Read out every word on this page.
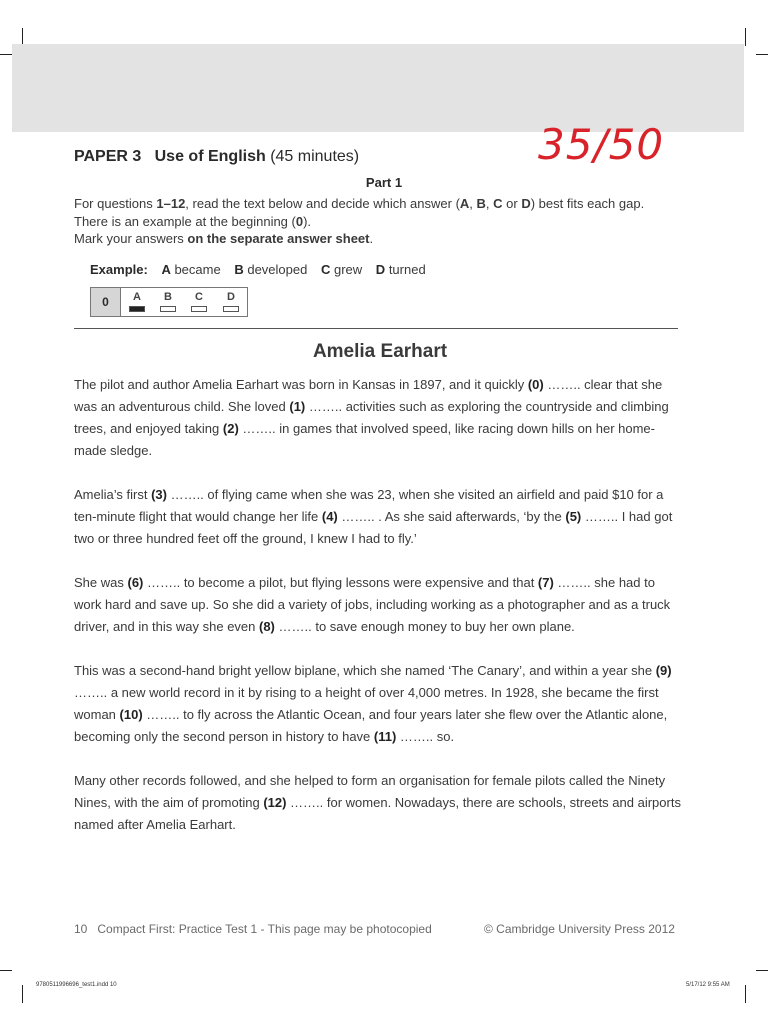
35/50
PAPER 3 Use of English (45 minutes)
Part 1
For questions 1–12, read the text below and decide which answer (A, B, C or D) best fits each gap. There is an example at the beginning (0).
Mark your answers on the separate answer sheet.
Example: A became B developed C grew D turned
0	A	B	C	D
Amelia Earhart
The pilot and author Amelia Earhart was born in Kansas in 1897, and it quickly (0) …….. clear that she was an adventurous child. She loved (1) …….. activities such as exploring the countryside and climbing trees, and enjoyed taking (2) …….. in games that involved speed, like racing down hills on her home-made sledge.
Amelia’s first (3) …….. of flying came when she was 23, when she visited an airfield and paid $10 for a ten-minute flight that would change her life (4) …….. . As she said afterwards, ‘by the (5) …….. I had got two or three hundred feet off the ground, I knew I had to fly.’
She was (6) …….. to become a pilot, but flying lessons were expensive and that (7) …….. she had to work hard and save up. So she did a variety of jobs, including working as a photographer and as a truck driver, and in this way she even (8) …….. to save enough money to buy her own plane.
This was a second-hand bright yellow biplane, which she named ‘The Canary’, and within a year she (9) …….. a new world record in it by rising to a height of over 4,000 metres. In 1928, she became the first woman (10) …….. to fly across the Atlantic Ocean, and four years later she flew over the Atlantic alone, becoming only the second person in history to have (11) …….. so.
Many other records followed, and she helped to form an organisation for female pilots called the Ninety Nines, with the aim of promoting (12) …….. for women. Nowadays, there are schools, streets and airports named after Amelia Earhart.
10 Compact First: Practice Test 1 - This page may be photocopied	© Cambridge University Press 2012
9780511996696_test1.indd 10	5/17/12 9:55 AM
